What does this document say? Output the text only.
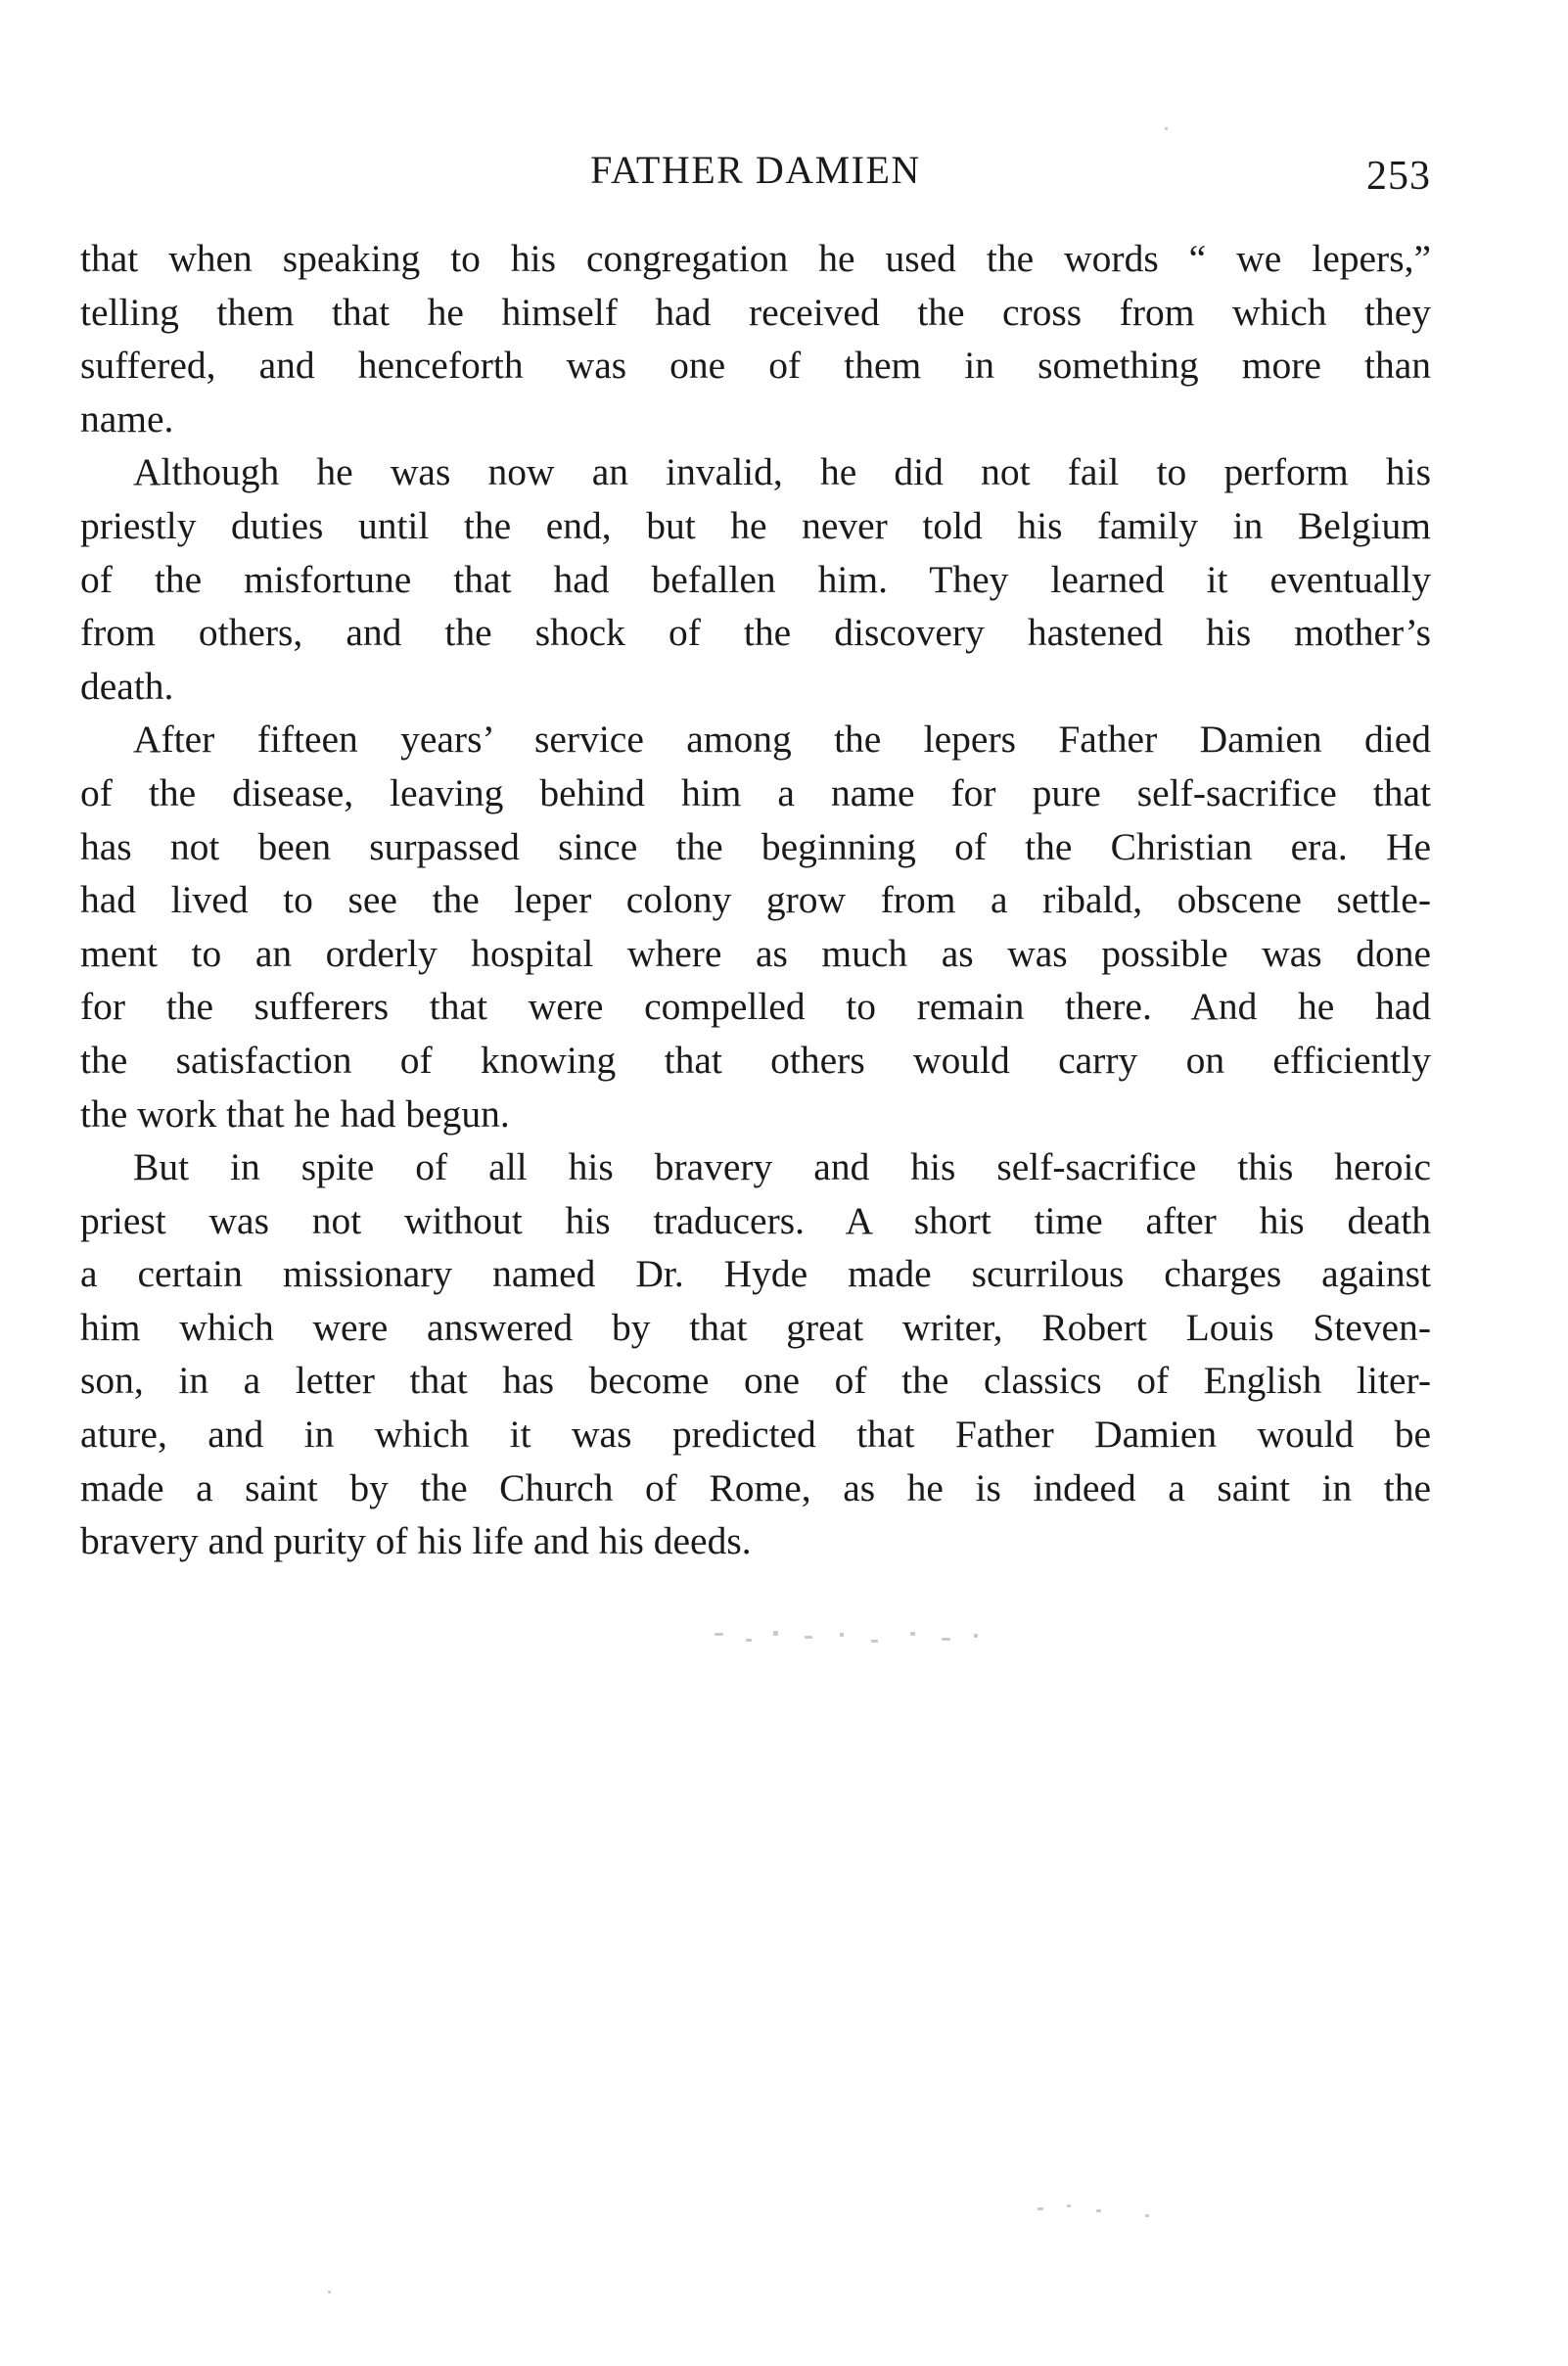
FATHER DAMIEN	253

that when speaking to his congregation he used the words “ we lepers,”
telling them that he himself had received the cross from which they
suffered, and henceforth was one of them in something more than
name.

Although he was now an invalid, he did not fail to perform his
priestly duties until the end, but he never told his family in Belgium
of the misfortune that had befallen him. They learned it eventually
from others, and the shock of the discovery hastened his mother’s
death.

After fifteen years’ service among the lepers Father Damien died
of the disease, leaving behind him a name for pure self-sacrifice that
has not been surpassed since the beginning of the Christian era. He
had lived to see the leper colony grow from a ribald, obscene settle-
ment to an orderly hospital where as much as was possible was done
for the sufferers that were compelled to remain there. And he had
the satisfaction of knowing that others would carry on efficiently
the work that he had begun.

But in spite of all his bravery and his self-sacrifice this heroic
priest was not without his traducers. A short time after his death
a certain missionary named Dr. Hyde made scurrilous charges against
him which were answered by that great writer, Robert Louis Steven-
son, in a letter that has become one of the classics of English liter-
ature, and in which it was predicted that Father Damien would be
made a saint by the Church of Rome, as he is indeed a saint in the
bravery and purity of his life and his deeds.
